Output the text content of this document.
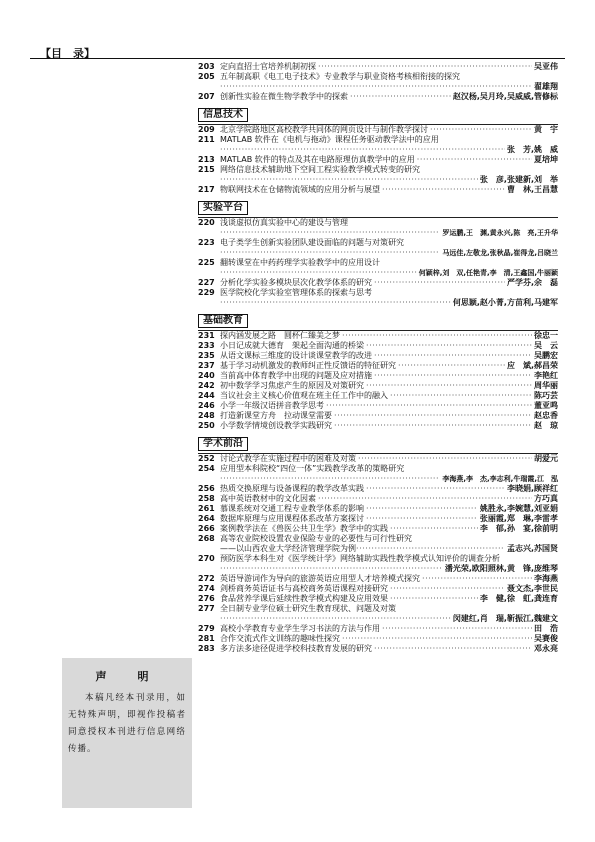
【目　录】
203 定向直招士官培养机制初探 · · ·	吴亚伟
205 五年制高职《电工电子技术》专业教学与职业资格考核相衔接的探究
· · ·
翟雄翔
207 创新性实验在微生物学教学中的探索 · · ·	赵汉杨,吴月玲,吴威威,管修标
信息技术
209 北京学院路地区高校教学共同体的网页设计与制作教学探讨 · · ·	黄　宇
211 MATLAB 软件在《电机与拖动》课程任务驱动教学法中的应用
· · ·
张　芳,姚　威
213 MATLAB 软件的特点及其在电路原理仿真教学中的应用 · · ·	夏培坤
215 网络信息技术辅助地下空间工程实验教学模式转变的研究
· · ·
张　彦,张建新,刘　举
217 物联网技术在仓储物流领域的应用分析与展望 · · ·	曹　林,王昌慧
实验平台
220 浅谈虚拟仿真实验中心的建设与管理
· · ·
罗运鹏,王　渊,黄永兴,陈　亮,王升华
223 电子类学生创新实验团队建设面临的问题与对策研究
· · ·
马远佳,左敬龙,张秋晶,崔得龙,吕晓兰
225 翻转课堂在中药药理学实验教学中的应用设计
· · ·
何颖梓,刘　双,任艳青,李　清,王鑫国,牛丽颖
227 分析化学实验多模块层次化教学体系的研究 · · ·	严学芬,余　磊
229 医学院校化学实验室管理体系的探索与思考
· · ·
何思颖,赵小菁,方苗利,马建军
基础教育
231 探内涵发展之路　圆杯仁臻美之梦 · · ·	徐忠一
233 小日记成就大德育　架起全面沟通的桥梁 · · ·	吴　云
235 从语文课标三维度的设计谈课堂教学的改进 · · ·	吴鹏宏
237 基于学习动机激发的教师纠正性反馈语的特征研究 · · ·	应　斌,郝昌荣
240 当前高中体育教学中出现的问题及应对措施 · · ·	李艳红
242 初中数学学习焦虑产生的原因及对策研究 · · ·	周华丽
244 当议社会主义核心价值观在班主任工作中的融入 · · ·	陈巧芸
246 小学一年级汉语拼音教学思考 · · ·	董亚鸣
248 打造新课堂方舟　拉动课堂需要 · · ·	赵忠香
250 小学数学情境创设教学实践研究 · · ·	赵　琼
学术前沿
252 讨论式教学在实施过程中的困难及对策 · · ·	胡爱元
254 应用型本科院校“四位一体”实践教学改革的策略研究
· · ·
李海燕,李　杰,李志利,牛瑞霞,江　泓
256 热质交换原理与设备课程的教学改革实践 · · ·	李晓娟,顾祥红
258 高中英语教材中的文化因素 · · ·	方巧真
261 慕课系统对交通工程专业教学体系的影响 · · ·	姚胜永,李婉慧,刘亚娟
264 数据库原理与应用课程体系改革方案探讨 · · ·	张丽霞,郑　琳,李雷孝
266 案例教学法在《兽医公共卫生学》教学中的实践 · · ·	李　郁,孙　宴,徐前明
268 高等农业院校设置农业保险专业的必要性与可行性研究
——以山西农业大学经济管理学院为例 · · ·	孟志兴,苏国贤
270 预防医学本科生对《医学统计学》网络辅助实践性教学模式认知评价的调查分析
· · ·
潘光荣,欧阳照林,黄　锋,庞维琴
272 英语导游词作为导向的旅游英语应用型人才培养模式探究 · · ·	李海燕
274 剑桥商务英语证书与高校商务英语课程对接研究 · · ·	聂文杰,李世民
276 食品营养学课后延续性教学模式构建及应用效果 · · ·	李　健,徐　虹,龚连育
277 全日制专业学位硕士研究生教育现状、问题及对策
· · ·
闵建红,肖　瑞,靳振江,魏建文
279 高校小学教育专业学生学习书法的方法与作用 · · ·	田　浩
281 合作交流式作文训练的趣味性探究 · · ·	吴赛俊
283 多方法多途径促进学校科技教育发展的研究 · · ·	邓永亮
声　明
本稿凡经本刊录用，如无特殊声明，即视作投稿者同意授权本刊进行信息网络传播。
